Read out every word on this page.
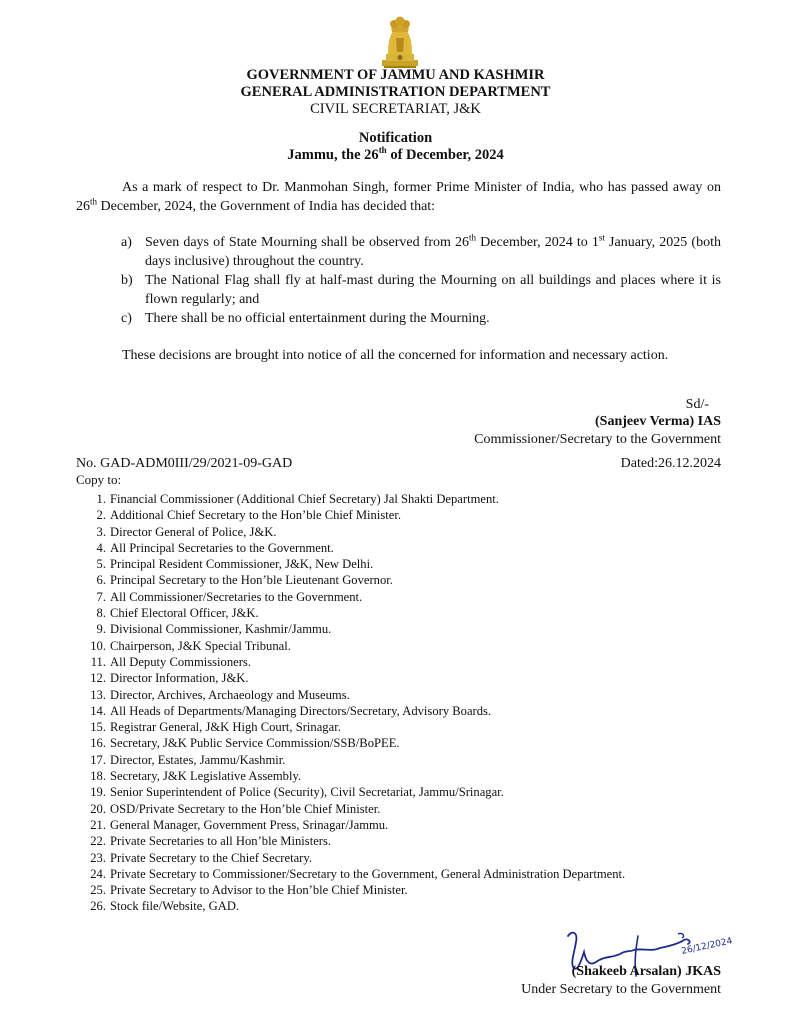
GOVERNMENT OF JAMMU AND KASHMIR
GENERAL ADMINISTRATION DEPARTMENT
CIVIL SECRETARIAT, J&K
Notification
Jammu, the 26th of December, 2024
As a mark of respect to Dr. Manmohan Singh, former Prime Minister of India, who has passed away on 26th December, 2024, the Government of India has decided that:
a) Seven days of State Mourning shall be observed from 26th December, 2024 to 1st January, 2025 (both days inclusive) throughout the country.
b) The National Flag shall fly at half-mast during the Mourning on all buildings and places where it is flown regularly; and
c) There shall be no official entertainment during the Mourning.
These decisions are brought into notice of all the concerned for information and necessary action.
Sd/-
(Sanjeev Verma) IAS
Commissioner/Secretary to the Government
No. GAD-ADM0III/29/2021-09-GAD	Dated:26.12.2024
Copy to:
1. Financial Commissioner (Additional Chief Secretary) Jal Shakti Department.
2. Additional Chief Secretary to the Hon’ble Chief Minister.
3. Director General of Police, J&K.
4. All Principal Secretaries to the Government.
5. Principal Resident Commissioner, J&K, New Delhi.
6. Principal Secretary to the Hon’ble Lieutenant Governor.
7. All Commissioner/Secretaries to the Government.
8. Chief Electoral Officer, J&K.
9. Divisional Commissioner, Kashmir/Jammu.
10. Chairperson, J&K Special Tribunal.
11. All Deputy Commissioners.
12. Director Information, J&K.
13. Director, Archives, Archaeology and Museums.
14. All Heads of Departments/Managing Directors/Secretary, Advisory Boards.
15. Registrar General, J&K High Court, Srinagar.
16. Secretary, J&K Public Service Commission/SSB/BoPEE.
17. Director, Estates, Jammu/Kashmir.
18. Secretary, J&K Legislative Assembly.
19. Senior Superintendent of Police (Security), Civil Secretariat, Jammu/Srinagar.
20. OSD/Private Secretary to the Hon’ble Chief Minister.
21. General Manager, Government Press, Srinagar/Jammu.
22. Private Secretaries to all Hon’ble Ministers.
23. Private Secretary to the Chief Secretary.
24. Private Secretary to Commissioner/Secretary to the Government, General Administration Department.
25. Private Secretary to Advisor to the Hon’ble Chief Minister.
26. Stock file/Website, GAD.
26/12/2024
(Shakeeb Arsalan) JKAS
Under Secretary to the Government
